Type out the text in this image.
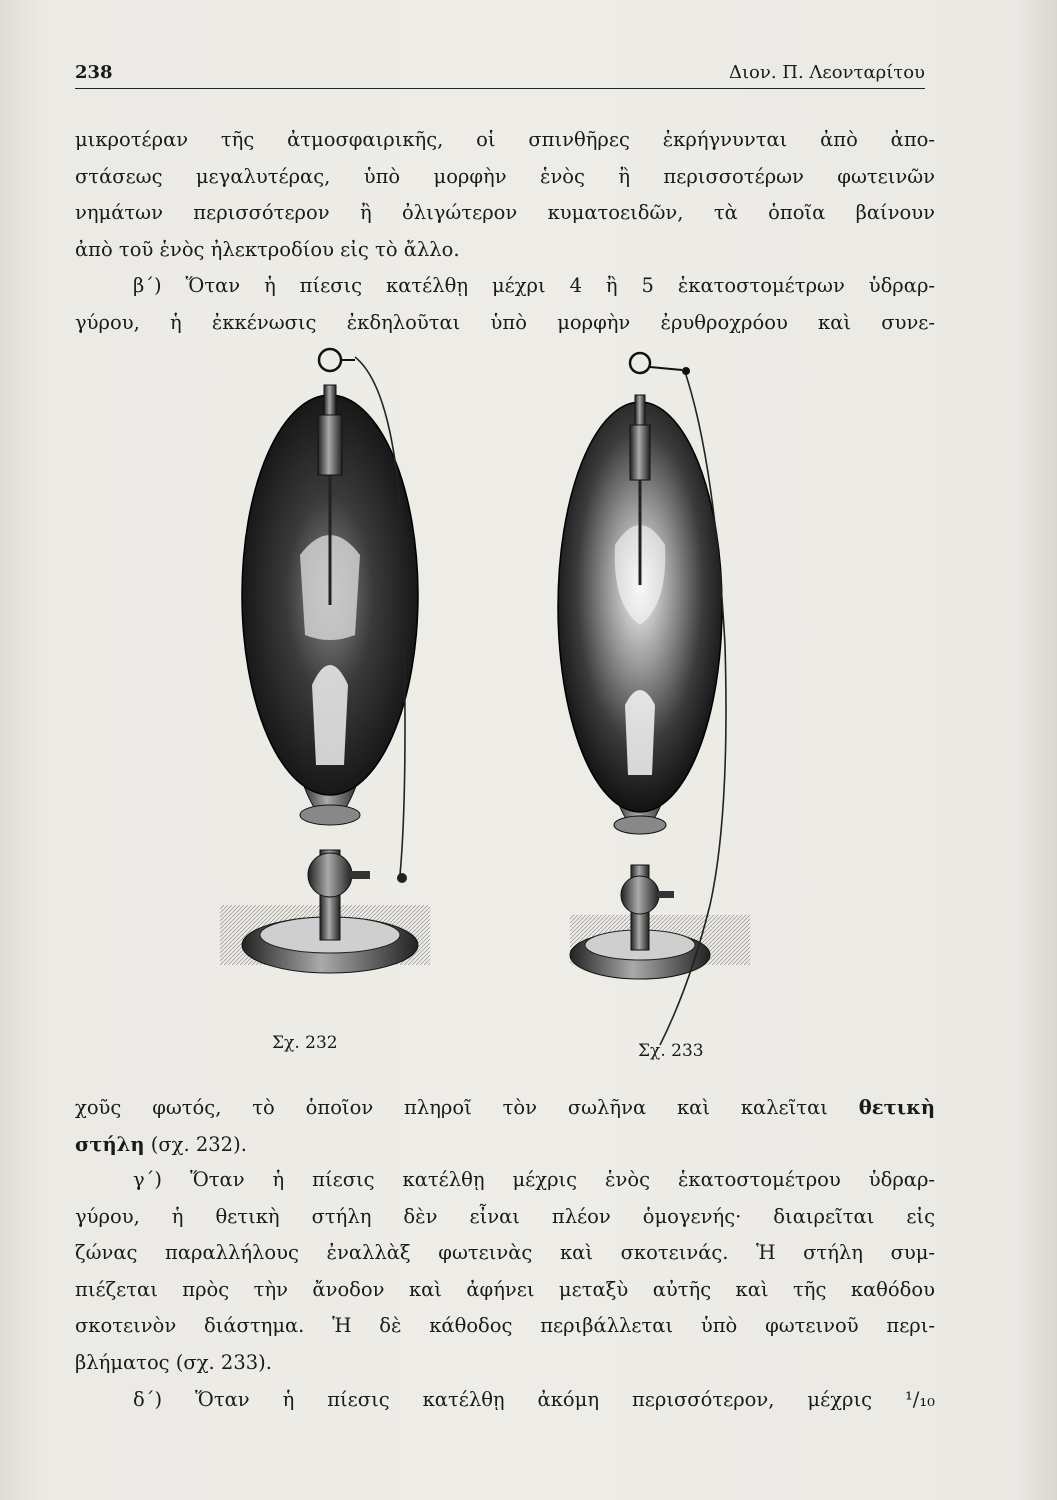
238	Διον. Π. Λεονταρίτου
μικροτέραν τῆς ἀτμοσφαιρικῆς, οἱ σπινθῆρες ἐκρήγνυνται ἀπὸ ἀπο-
στάσεως μεγαλυτέρας, ὑπὸ μορφὴν ἑνὸς ἢ περισσοτέρων φωτεινῶν
νημάτων περισσότερον ἢ ὀλιγώτερον κυματοειδῶν, τὰ ὁποῖα βαίνουν
ἀπὸ τοῦ ἑνὸς ἠλεκτροδίου εἰς τὸ ἄλλο.
β΄) Ὅταν ἡ πίεσις κατέλθῃ μέχρι 4 ἢ 5 ἑκατοστομέτρων ὑδραρ-
γύρου, ἡ ἐκκένωσις ἐκδηλοῦται ὑπὸ μορφὴν ἐρυθροχρόου καὶ συνε-
Σχ. 232	Σχ. 233
χοῦς φωτός, τὸ ὁποῖον πληροῖ τὸν σωλῆνα καὶ καλεῖται θετικὴ
στήλη (σχ. 232).
γ΄) Ὅταν ἡ πίεσις κατέλθῃ μέχρις ἑνὸς ἑκατοστομέτρου ὑδραρ-
γύρου, ἡ θετικὴ στήλη δὲν εἶναι πλέον ὁμογενής· διαιρεῖται εἰς
ζώνας παραλλήλους ἐναλλὰξ φωτεινὰς καὶ σκοτεινάς. Ἡ στήλη συμ-
πιέζεται πρὸς τὴν ἄνοδον καὶ ἀφήνει μεταξὺ αὐτῆς καὶ τῆς καθόδου
σκοτεινὸν διάστημα. Ἡ δὲ κάθοδος περιβάλλεται ὑπὸ φωτεινοῦ περι-
βλήματος (σχ. 233).
δ΄) Ὅταν ἡ πίεσις κατέλθῃ ἀκόμη περισσότερον, μέχρις ¹/₁₀
